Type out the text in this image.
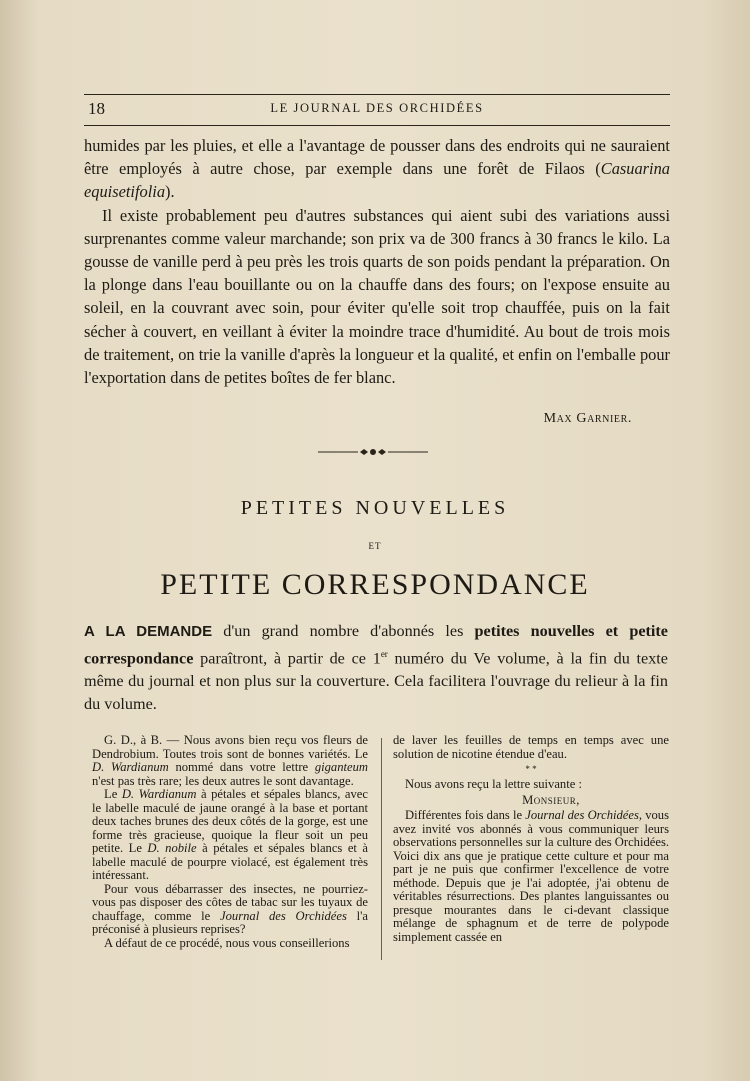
18	LE JOURNAL DES ORCHIDÉES

humides par les pluies, et elle a l'avantage de pousser dans des endroits qui ne sauraient être employés à autre chose, par exemple dans une forêt de Filaos (Casuarina equisetifolia).

Il existe probablement peu d'autres substances qui aient subi des variations aussi surprenantes comme valeur marchande; son prix va de 300 francs à 30 francs le kilo. La gousse de vanille perd à peu près les trois quarts de son poids pendant la préparation. On la plonge dans l'eau bouillante ou on la chauffe dans des fours; on l'expose ensuite au soleil, en la couvrant avec soin, pour éviter qu'elle soit trop chauffée, puis on la fait sécher à couvert, en veillant à éviter la moindre trace d'humidité. Au bout de trois mois de traitement, on trie la vanille d'après la longueur et la qualité, et enfin on l'emballe pour l'exportation dans de petites boîtes de fer blanc.

Max Garnier.
PETITES NOUVELLES
ET
PETITE CORRESPONDANCE
A LA DEMANDE d'un grand nombre d'abonnés les petites nouvelles et petite correspondance paraîtront, à partir de ce 1er numéro du Ve volume, à la fin du texte même du journal et non plus sur la couverture. Cela facilitera l'ouvrage du relieur à la fin du volume.

G. D., à B. — Nous avons bien reçu vos fleurs de Dendrobium. Toutes trois sont de bonnes variétés. Le D. Wardianum nommé dans votre lettre giganteum n'est pas très rare; les deux autres le sont davantage.

Le D. Wardianum à pétales et sépales blancs, avec le labelle maculé de jaune orangé à la base et portant deux taches brunes des deux côtés de la gorge, est une forme très gracieuse, quoique la fleur soit un peu petite. Le D. nobile à pétales et sépales blancs et à labelle maculé de pourpre violacé, est également très intéressant.

Pour vous débarrasser des insectes, ne pourriez-vous pas disposer des côtes de tabac sur les tuyaux de chauffage, comme le Journal des Orchidées l'a préconisé à plusieurs reprises?

A défaut de ce procédé, nous vous conseillerions

de laver les feuilles de temps en temps avec une solution de nicotine étendue d'eau.

* *

Nous avons reçu la lettre suivante :

Monsieur,

Différentes fois dans le Journal des Orchidées, vous avez invité vos abonnés à vous communiquer leurs observations personnelles sur la culture des Orchidées. Voici dix ans que je pratique cette culture et pour ma part je ne puis que confirmer l'excellence de votre méthode. Depuis que je l'ai adoptée, j'ai obtenu de véritables résurrections. Des plantes languissantes ou presque mourantes dans le ci-devant classique mélange de sphagnum et de terre de polypode simplement cassée en
